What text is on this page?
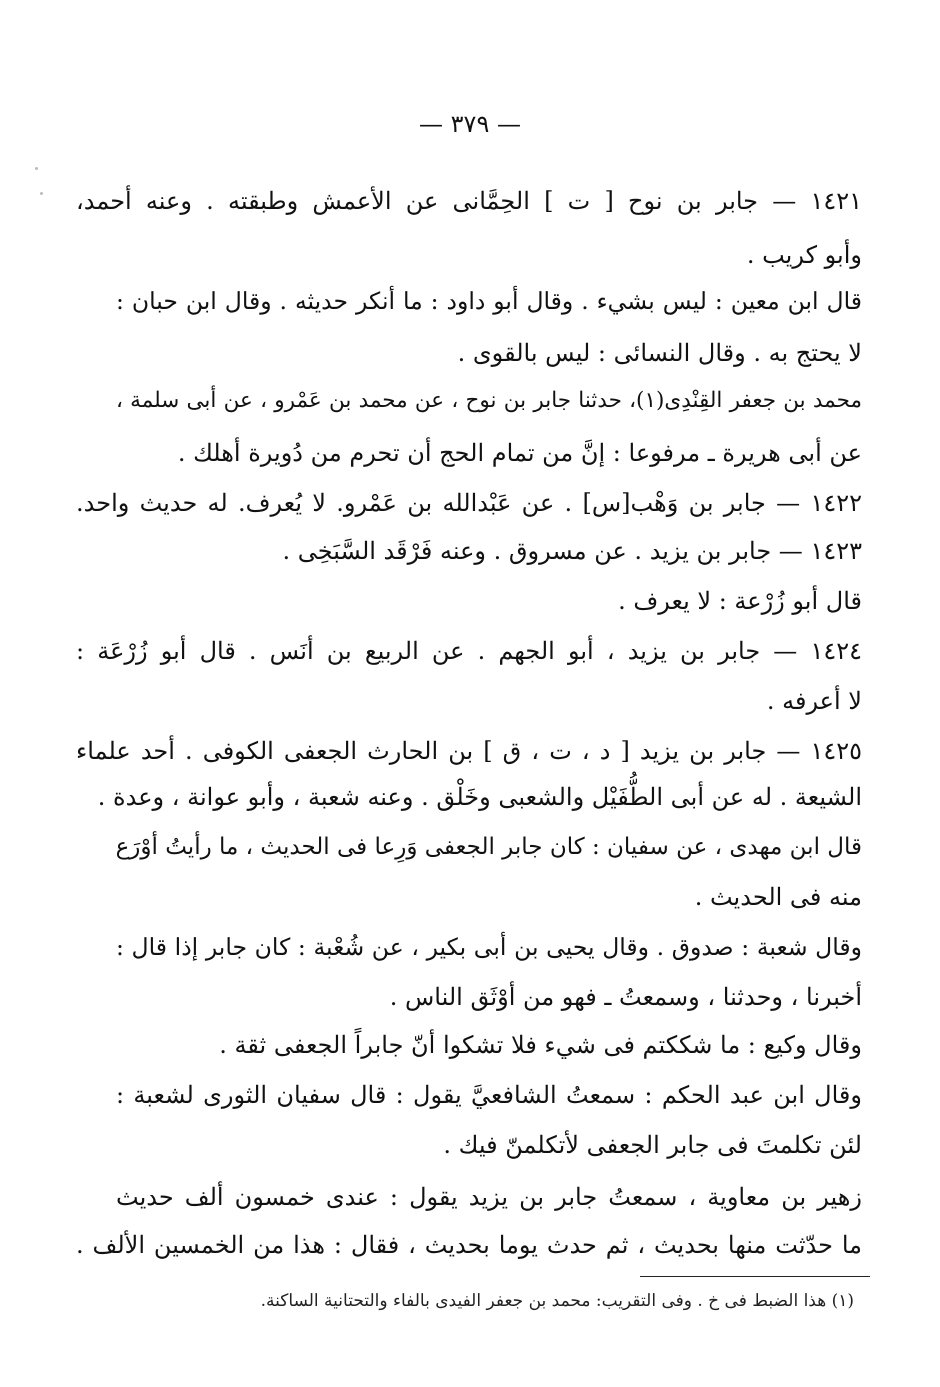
— ٣٧٩ —
١٤٢١ — جابر بن نوح [ ت ] الحِمَّانى عن الأعمش وطبقته . وعنه أحمد،
وأبو كريب .
قال ابن معين : ليس بشيء . وقال أبو داود : ما أنكر حديثه . وقال ابن حبان :
لا يحتج به . وقال النسائى : ليس بالقوى .
محمد بن جعفر القِنْدِى(١)، حدثنا جابر بن نوح ، عن محمد بن عَمْرو ، عن أبى سلمة ،
عن أبى هريرة ـ مرفوعا : إنَّ من تمام الحج أن تحرم من دُويرة أهلك .
١٤٢٢ — جابر بن وَهْب[س] . عن عَبْدالله بن عَمْرو. لا يُعرف. له حديث واحد.
١٤٢٣ — جابر بن يزيد . عن مسروق . وعنه فَرْقَد السَّبَخِى .
قال أبو زُرْعة : لا يعرف .
١٤٢٤ — جابر بن يزيد ، أبو الجهم . عن الربيع بن أنَس . قال أبو زُرْعَة :
لا أعرفه .
١٤٢٥ — جابر بن يزيد [ د ، ت ، ق ] بن الحارث الجعفى الكوفى . أحد علماء
الشيعة . له عن أبى الطُّفَيْل والشعبى وخَلْق . وعنه شعبة ، وأبو عوانة ، وعدة .
قال ابن مهدى ، عن سفيان : كان جابر الجعفى وَرِعا فى الحديث ، ما رأيتُ أوْرَع
منه فى الحديث .
وقال شعبة : صدوق . وقال يحيى بن أبى بكير ، عن شُعْبة : كان جابر إذا قال :
أخبرنا ، وحدثنا ، وسمعتُ ـ فهو من أوْثَق الناس .
وقال وكيع : ما شككتم فى شيء فلا تشكوا أنّ جابراً الجعفى ثقة .
وقال ابن عبد الحكم : سمعتُ الشافعيَّ يقول : قال سفيان الثورى لشعبة :
لئن تكلمتَ فى جابر الجعفى لأتكلمنّ فيك .
زهير بن معاوية ، سمعتُ جابر بن يزيد يقول : عندى خمسون ألف حديث
ما حدّثت منها بحديث ، ثم حدث يوما بحديث ، فقال : هذا من الخمسين الألف .
(١) هذا الضبط فى خ . وفى التقريب: محمد بن جعفر الفيدى بالفاء والتحتانية الساكنة.
